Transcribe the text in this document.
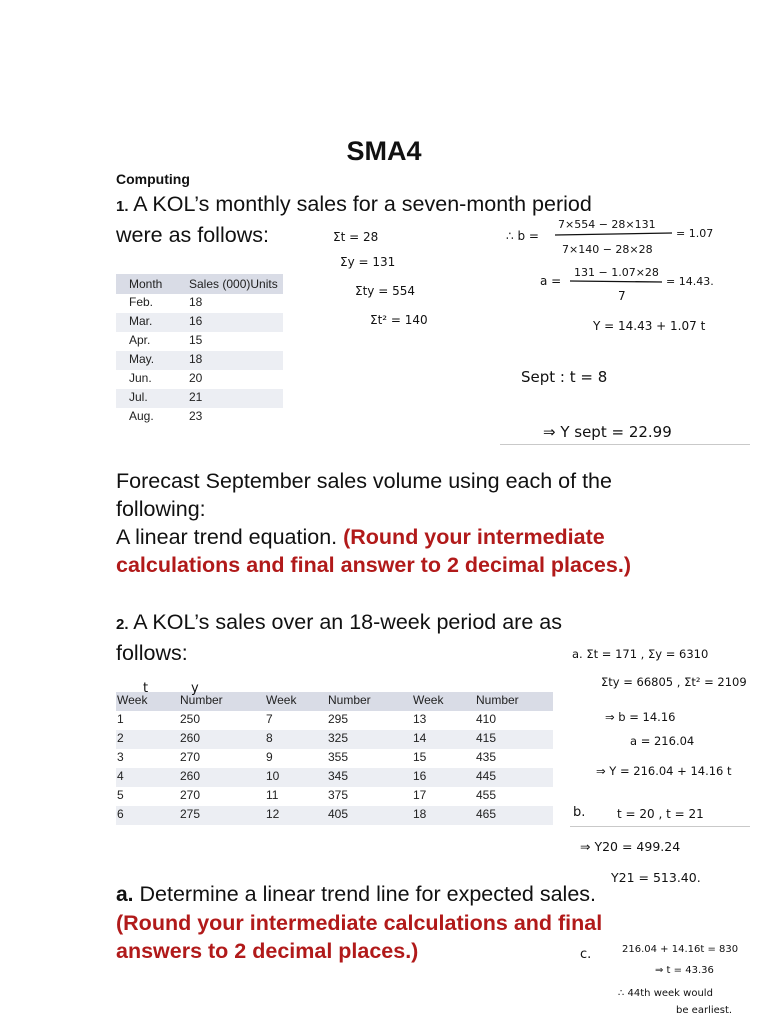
SMA4
Computing
1. A KOL’s monthly sales for a seven-month period were as follows:
Month	Sales (000)Units
Feb.	18
Mar.	16
Apr.	15
May.	18
Jun.	20
Jul.	21
Aug.	23
Forecast September sales volume using each of the following:
A linear trend equation. (Round your intermediate calculations and final answer to 2 decimal places.)
2. A KOL’s sales over an 18-week period are as follows:
Week	Number	Week	Number	Week	Number
1	250	7	295	13	410
2	260	8	325	14	415
3	270	9	355	15	435
4	260	10	345	16	445
5	270	11	375	17	455
6	275	12	405	18	465
a. Determine a linear trend line for expected sales. (Round your intermediate calculations and final answers to 2 decimal places.)
Σt = 28
Σy = 131
Σty = 554
Σt² = 140
∴ b =
7×554 − 28×131
7×140 − 28×28
= 1.07
a =
131 − 1.07×28
7
= 14.43.
Y = 14.43 + 1.07 t
Sept : t = 8
⇒ Y sept = 22.99
t	y
a. Σt = 171 , Σy = 6310
Σty = 66805 , Σt² = 2109
⇒ b = 14.16
a = 216.04
⇒ Y = 216.04 + 14.16 t
b.	t = 20 , t = 21
⇒ Y20 = 499.24
Y21 = 513.40.
c.	216.04 + 14.16t = 830
⇒ t = 43.36
∴ 44th week would
be earliest.
